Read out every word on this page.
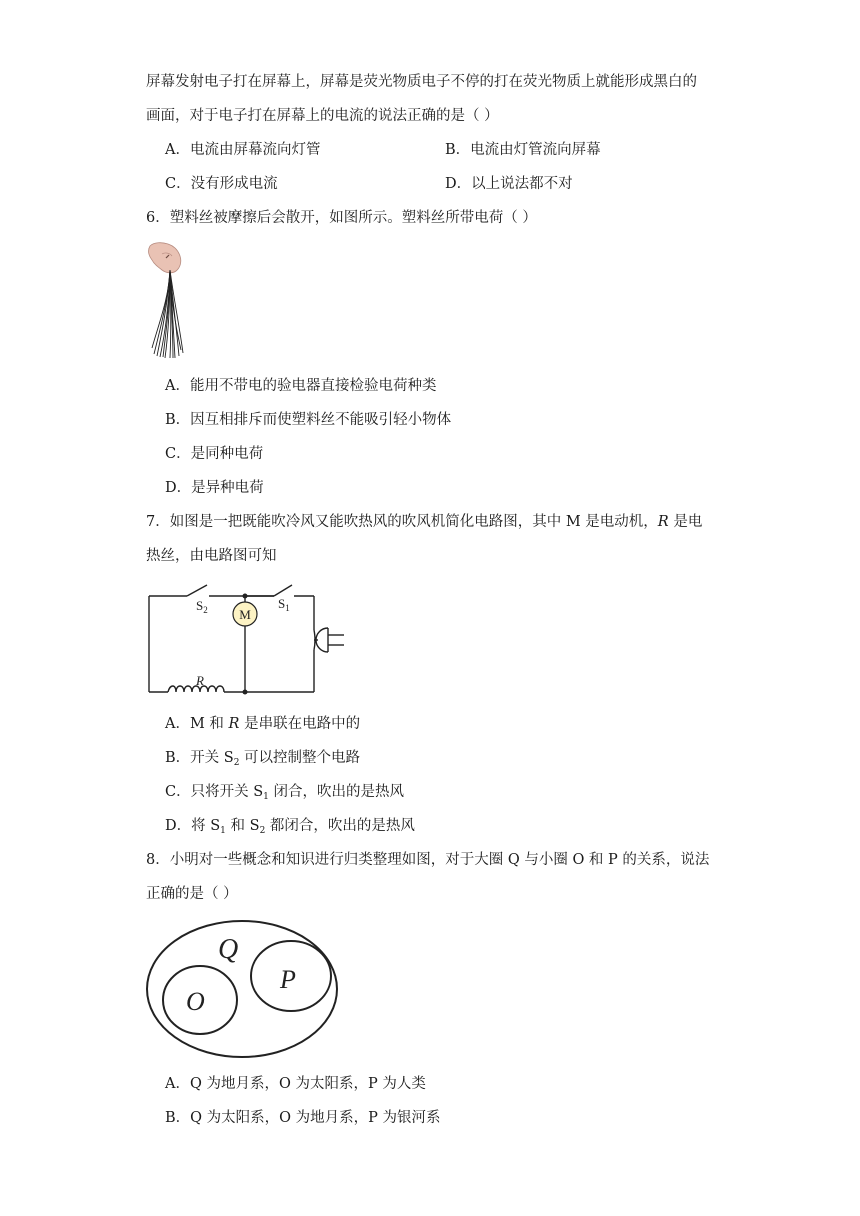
屏幕发射电子打在屏幕上，屏幕是荧光物质电子不停的打在荧光物质上就能形成黑白的
画面，对于电子打在屏幕上的电流的说法正确的是（ ）
A．电流由屏幕流向灯管	B．电流由灯管流向屏幕
C．没有形成电流	D．以上说法都不对
6．塑料丝被摩擦后会散开，如图所示。塑料丝所带电荷（ ）
A．能用不带电的验电器直接检验电荷种类
B．因互相排斥而使塑料丝不能吸引轻小物体
C．是同种电荷
D．是异种电荷
7．如图是一把既能吹冷风又能吹热风的吹风机简化电路图，其中 M 是电动机，R 是电
热丝，由电路图可知
M
$S_2$	$S_1$
R
A．M 和 R 是串联在电路中的
B．开关 $S_2$ 可以控制整个电路
C．只将开关 $S_1$ 闭合，吹出的是热风
D．将 $S_1$ 和 $S_2$ 都闭合，吹出的是热风
8．小明对一些概念和知识进行归类整理如图，对于大圈 Q 与小圈 O 和 P 的关系，说法
正确的是（ ）
Q
O
P
A．Q 为地月系，O 为太阳系，P 为人类
B．Q 为太阳系，O 为地月系，P 为银河系
